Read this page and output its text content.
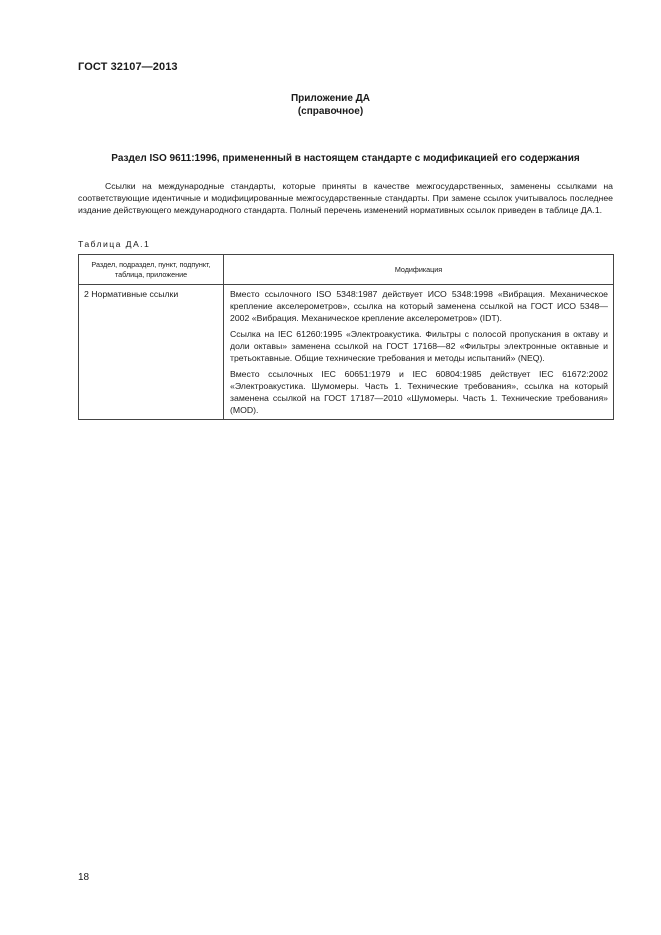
ГОСТ 32107—2013
Приложение ДА
(справочное)
Раздел ISO 9611:1996, примененный в настоящем стандарте с модификацией его содержания
Ссылки на международные стандарты, которые приняты в качестве межгосударственных, заменены ссылками на соответствующие идентичные и модифицированные межгосударственные стандарты. При замене ссылок учитывалось последнее издание действующего международного стандарта. Полный перечень изменений нормативных ссылок приведен в таблице ДА.1.
Таблица ДА.1
Раздел, подраздел, пункт, подпункт, таблица, приложение	Модификация
2 Нормативные ссылки	Вместо ссылочного ISO 5348:1987 действует ИСО 5348:1998 «Вибрация. Механическое крепление акселерометров», ссылка на который заменена ссылкой на ГОСТ ИСО 5348—2002 «Вибрация. Механическое крепление акселерометров» (IDT).

Ссылка на IEC 61260:1995 «Электроакустика. Фильтры с полосой пропускания в октаву и доли октавы» заменена ссылкой на ГОСТ 17168—82 «Фильтры электронные октавные и третьоктавные. Общие технические требования и методы испытаний» (NEQ).

Вместо ссылочных IEC 60651:1979 и IEC 60804:1985 действует IEC 61672:2002 «Электроакустика. Шумомеры. Часть 1. Технические требования», ссылка на который заменена ссылкой на ГОСТ 17187—2010 «Шумомеры. Часть 1. Технические требования» (MOD).

18
